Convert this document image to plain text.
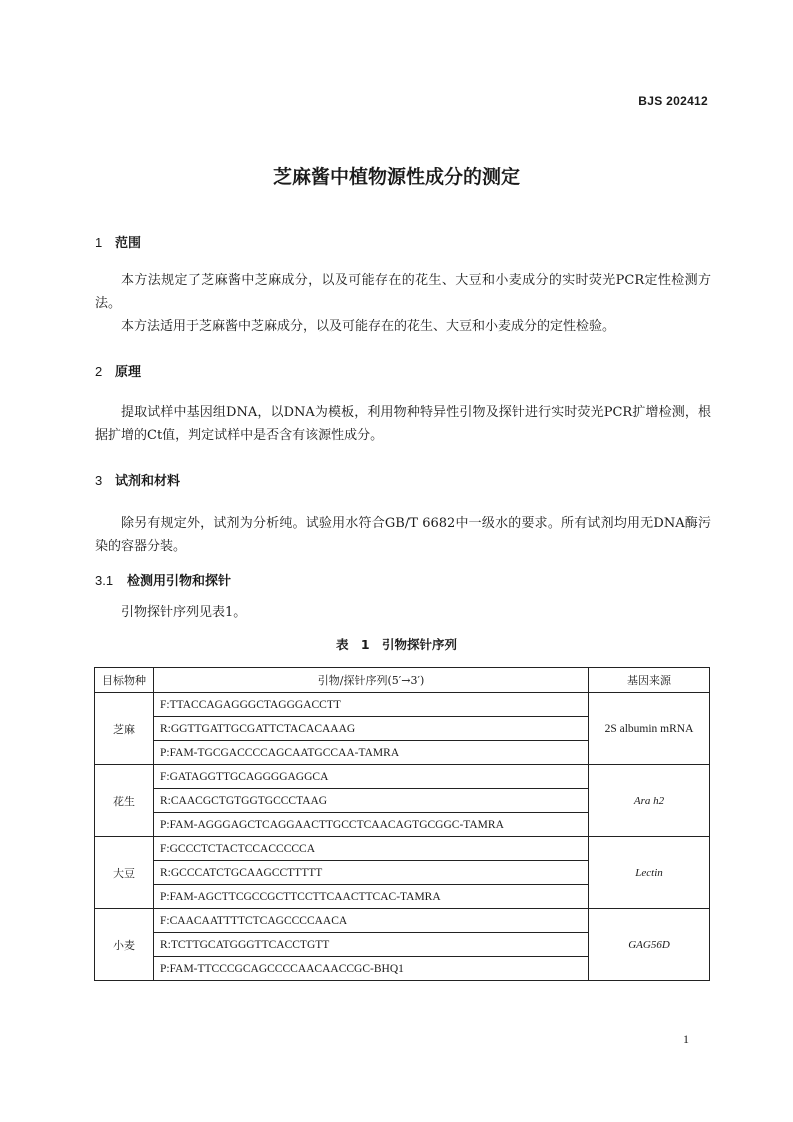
BJS 202412
芝麻酱中植物源性成分的测定
1 范围
本方法规定了芝麻酱中芝麻成分，以及可能存在的花生、大豆和小麦成分的实时荧光PCR定性检测方法。
本方法适用于芝麻酱中芝麻成分，以及可能存在的花生、大豆和小麦成分的定性检验。
2 原理
提取试样中基因组DNA，以DNA为模板，利用物种特异性引物及探针进行实时荧光PCR扩增检测，根据扩增的Ct值，判定试样中是否含有该源性成分。
3 试剂和材料
除另有规定外，试剂为分析纯。试验用水符合GB/T 6682中一级水的要求。所有试剂均用无DNA酶污染的容器分装。
3.1 检测用引物和探针
引物探针序列见表1。
表 1 引物探针序列
目标物种	引物/探针序列(5′→3′)	基因来源
芝麻	F:TTACCAGAGGGCTAGGGACCTT	2S albumin mRNA
	R:GGTTGATTGCGATTCTACACAAAG	
	P:FAM-TGCGACCCCAGCAATGCCAA-TAMRA	
花生	F:GATAGGTTGCAGGGGAGGCA	Ara h2
	R:CAACGCTGTGGTGCCCTAAG	
	P:FAM-AGGGAGCTCAGGAACTTGCCTCAACAGTGCGGC-TAMRA	
大豆	F:GCCCTCTACTCCACCCCCA	Lectin
	R:GCCCATCTGCAAGCCTTTTT	
	P:FAM-AGCTTCGCCGCTTCCTTCAACTTCAC-TAMRA	
小麦	F:CAACAATTTTCTCAGCCCCAACA	GAG56D
	R:TCTTGCATGGGTTCACCTGTT	
	P:FAM-TTCCCGCAGCCCCAACAACCGC-BHQ1	
1
